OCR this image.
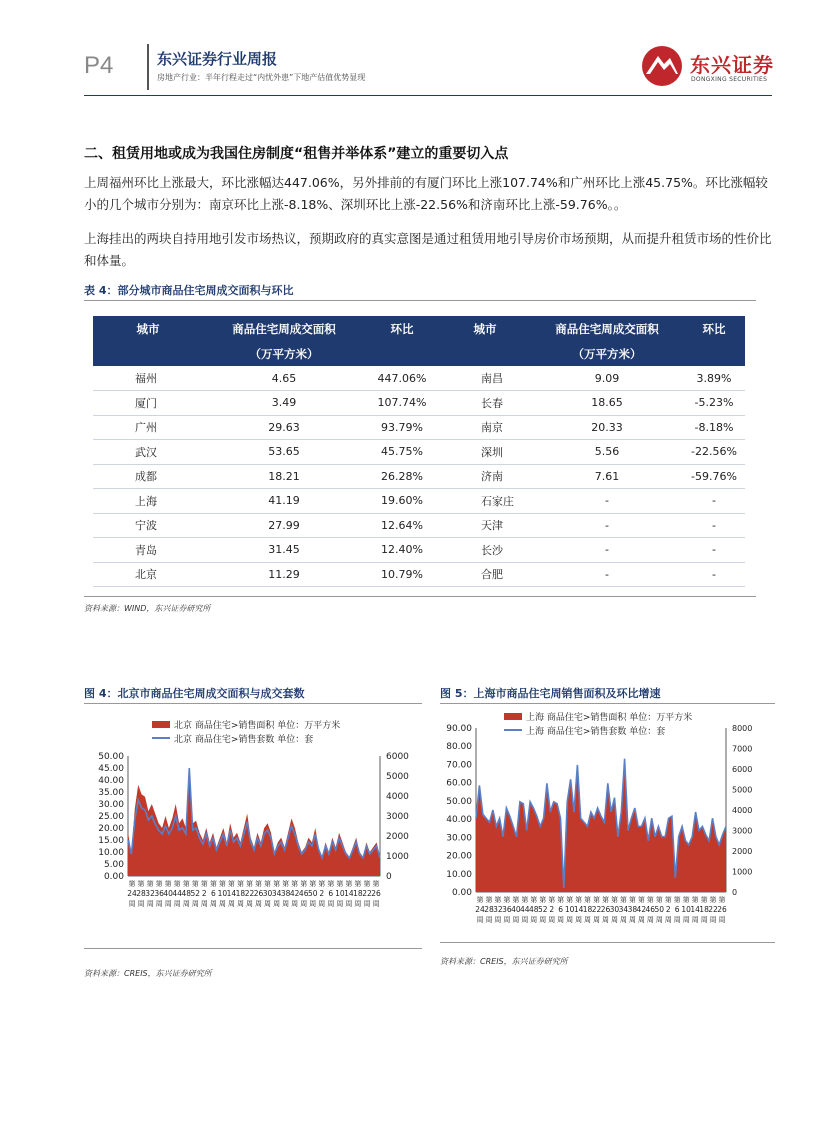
P4	东兴证券行业周报
房地产行业：半年行程走过“内忧外患”下地产估值优势显现
东兴证券
DONGXING SECURITIES
二、租赁用地或成为我国住房制度“租售并举体系”建立的重要切入点
上周福州环比上涨最大，环比涨幅达447.06%，另外排前的有厦门环比上涨107.74%和广州环比上涨45.75%。环比涨幅较小的几个城市分别为：南京环比上涨-8.18%、深圳环比上涨-22.56%和济南环比上涨-59.76%。。
上海挂出的两块自持用地引发市场热议，预期政府的真实意图是通过租赁用地引导房价市场预期，从而提升租赁市场的性价比和体量。
表 4：部分城市商品住宅周成交面积与环比
城市	商品住宅周成交面积	环比	城市	商品住宅周成交面积	环比
	（万平方米）			（万平方米）	
福州	4.65	447.06%	南昌	9.09	3.89%
厦门	3.49	107.74%	长春	18.65	-5.23%
广州	29.63	93.79%	南京	20.33	-8.18%
武汉	53.65	45.75%	深圳	5.56	-22.56%
成都	18.21	26.28%	济南	7.61	-59.76%
上海	41.19	19.60%	石家庄	-	-
宁波	27.99	12.64%	天津	-	-
青岛	31.45	12.40%	长沙	-	-
北京	11.29	10.79%	合肥	-	-
资料来源：WIND，东兴证券研究所
图 4：北京市商品住宅周成交面积与成交套数	图 5：上海市商品住宅周销售面积及环比增速
北京 商品住宅>销售面积 单位：万平方米
北京 商品住宅>销售套数 单位：套
50.00
45.00
40.00
35.00
30.00
25.00
20.00
15.00
10.00
5.00
0.00
6000
5000
4000
3000
2000
1000
0
第
24
周
第
28
周
第
32
周
第
36
周
第
40
周
第
44
周
第
48
周
第
52
周
第
2
周
第
6
周
第
10
周
第
14
周
第
18
周
第
22
周
第
26
周
第
30
周
第
34
周
第
38
周
第
42
周
第
46
周
第
50
周
第
2
周
第
6
周
第
10
周
第
14
周
第
18
周
第
22
周
第
26
周
上海 商品住宅>销售面积 单位：万平方米
上海 商品住宅>销售套数 单位：套
90.00
80.00
70.00
60.00
50.00
40.00
30.00
20.00
10.00
0.00
8000
7000
6000
5000
4000
3000
2000
1000
0
第
24
周
第
28
周
第
32
周
第
36
周
第
40
周
第
44
周
第
48
周
第
52
周
第
2
周
第
6
周
第
10
周
第
14
周
第
18
周
第
22
周
第
26
周
第
30
周
第
34
周
第
38
周
第
42
周
第
46
周
第
50
周
第
2
周
第
6
周
第
10
周
第
14
周
第
18
周
第
22
周
第
26
周
资料来源：CREIS，东兴证券研究所
资料来源：CREIS，东兴证券研究所
